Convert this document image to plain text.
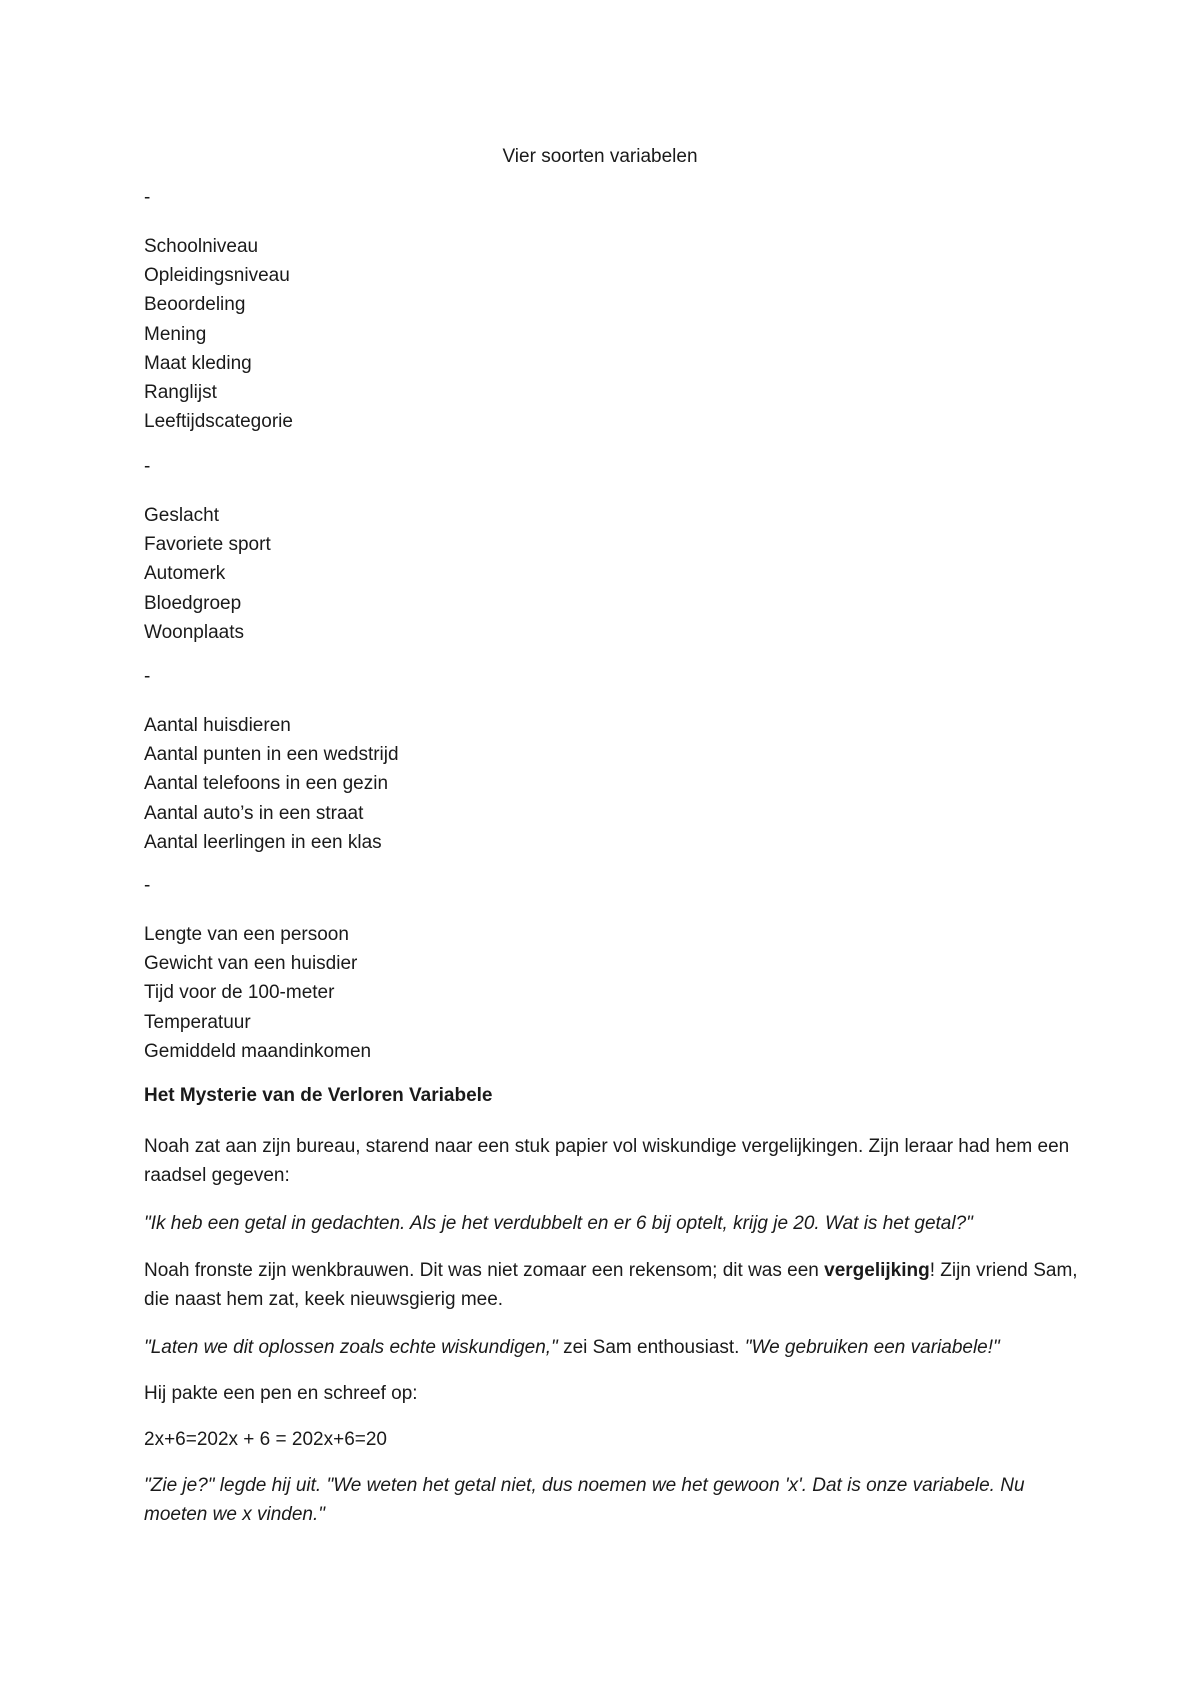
Vier soorten variabelen
-
Schoolniveau
Opleidingsniveau
Beoordeling
Mening
Maat kleding
Ranglijst
Leeftijdscategorie
-
Geslacht
Favoriete sport
Automerk
Bloedgroep
Woonplaats
-
Aantal huisdieren
Aantal punten in een wedstrijd
Aantal telefoons in een gezin
Aantal auto’s in een straat
Aantal leerlingen in een klas
-
Lengte van een persoon
Gewicht van een huisdier
Tijd voor de 100-meter
Temperatuur
Gemiddeld maandinkomen
Het Mysterie van de Verloren Variabele
Noah zat aan zijn bureau, starend naar een stuk papier vol wiskundige vergelijkingen. Zijn leraar had hem een raadsel gegeven:
"Ik heb een getal in gedachten. Als je het verdubbelt en er 6 bij optelt, krijg je 20. Wat is het getal?"
Noah fronste zijn wenkbrauwen. Dit was niet zomaar een rekensom; dit was een vergelijking! Zijn vriend Sam, die naast hem zat, keek nieuwsgierig mee.
"Laten we dit oplossen zoals echte wiskundigen," zei Sam enthousiast. "We gebruiken een variabele!"
Hij pakte een pen en schreef op:
2x+6=202x + 6 = 202x+6=20
"Zie je?" legde hij uit. "We weten het getal niet, dus noemen we het gewoon 'x'. Dat is onze variabele. Nu moeten we x vinden."
